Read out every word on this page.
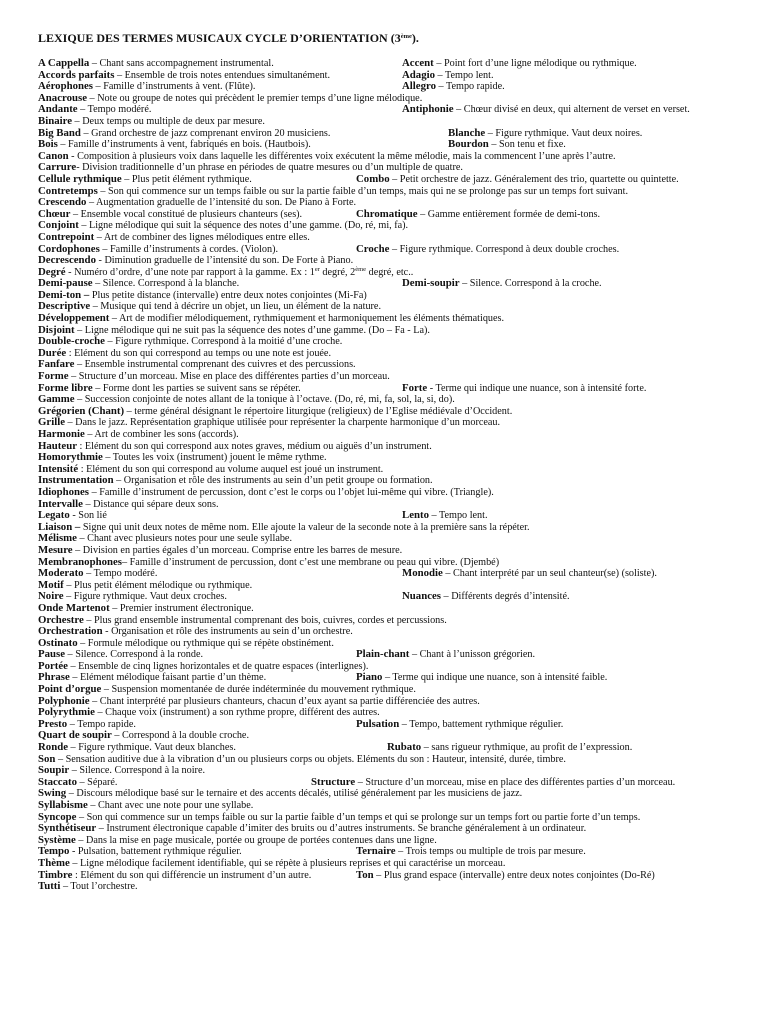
LEXIQUE DES TERMES MUSICAUX CYCLE D’ORIENTATION (3ème).
A Cappella – Chant sans accompagnement instrumental.	Accent – Point fort d’une ligne mélodique ou rythmique.
Accords parfaits – Ensemble de trois notes entendues simultanément.	Adagio – Tempo lent.
Aérophones – Famille d’instruments à vent. (Flûte).	Allegro – Tempo rapide.
Anacrouse – Note ou groupe de notes qui précèdent le premier temps d’une ligne mélodique.
Andante – Tempo modéré.	Antiphonie – Chœur divisé en deux, qui alternent de verset en verset.
Binaire – Deux temps ou multiple de deux par mesure.
Big Band – Grand orchestre de jazz comprenant environ 20 musiciens.	Blanche – Figure rythmique. Vaut deux noires.
Bois – Famille d’instruments à vent, fabriqués en bois. (Hautbois).	Bourdon – Son tenu et fixe.
Canon - Composition à plusieurs voix dans laquelle les différentes voix exécutent la même mélodie, mais la commencent l’une après l’autre.
Carrure- Division traditionnelle d’un phrase en périodes de quatre mesures ou d’un multiple de quatre.
Cellule rythmique – Plus petit élément rythmique.	Combo – Petit orchestre de jazz. Généralement des trio, quartette ou quintette.
Contretemps – Son qui commence sur un temps faible ou sur la partie faible d’un temps, mais qui ne se prolonge pas sur un temps fort suivant.
Crescendo – Augmentation graduelle de l’intensité du son. De Piano à Forte.
Chœur – Ensemble vocal constitué de plusieurs chanteurs (ses).	Chromatique – Gamme entièrement formée de demi-tons.
Conjoint – Ligne mélodique qui suit la séquence des notes d’une gamme. (Do, ré, mi, fa).
Contrepoint – Art de combiner des lignes mélodiques entre elles.
Cordophones – Famille d’instruments à cordes. (Violon).	Croche – Figure rythmique. Correspond à deux double croches.
Decrescendo - Diminution graduelle de l’intensité du son. De Forte à Piano.
Degré - Numéro d’ordre, d’une note par rapport à la gamme. Ex : 1er degré, 2ème degré, etc..
Demi-pause – Silence. Correspond à la blanche.	Demi-soupir – Silence. Correspond à la croche.
Demi-ton – Plus petite distance (intervalle) entre deux notes conjointes (Mi-Fa)
Descriptive – Musique qui tend à décrire un objet, un lieu, un élément de la nature.
Développement – Art de modifier mélodiquement, rythmiquement et harmoniquement les éléments thématiques.
Disjoint – Ligne mélodique qui ne suit pas la séquence des notes d’une gamme. (Do – Fa - La).
Double-croche – Figure rythmique. Correspond à la moitié d’une croche.
Durée : Elément du son qui correspond au temps ou une note est jouée.
Fanfare – Ensemble instrumental comprenant des cuivres et des percussions.
Forme – Structure d’un morceau. Mise en place des différentes parties d’un morceau.
Forme libre – Forme dont les parties se suivent sans se répéter.	Forte - Terme qui indique une nuance, son à intensité forte.
Gamme – Succession conjointe de notes allant de la tonique à l’octave. (Do, ré, mi, fa, sol, la, si, do).
Grégorien (Chant) – terme général désignant le répertoire liturgique (religieux) de l’Eglise médiévale d’Occident.
Grille – Dans le jazz. Représentation graphique utilisée pour représenter la charpente harmonique d’un morceau.
Harmonie – Art de combiner les sons (accords).
Hauteur : Elément du son qui correspond aux notes graves, médium ou aiguës d’un instrument.
Homorythmie – Toutes les voix (instrument) jouent le même rythme.
Intensité : Elément du son qui correspond au volume auquel est joué un instrument.
Instrumentation – Organisation et rôle des instruments au sein d’un petit groupe ou formation.
Idiophones – Famille d’instrument de percussion, dont c’est le corps ou l’objet lui-même qui vibre. (Triangle).
Intervalle – Distance qui sépare deux sons.
Legato - Son lié	Lento – Tempo lent.
Liaison – Signe qui unit deux notes de même nom. Elle ajoute la valeur de la seconde note à la première sans la répéter.
Mélisme – Chant avec plusieurs notes pour une seule syllabe.
Mesure – Division en parties égales d’un morceau. Comprise entre les barres de mesure.
Membranophones– Famille d’instrument de percussion, dont c’est une membrane ou peau qui vibre. (Djembé)
Moderato – Tempo modéré.	Monodie – Chant interprété par un seul chanteur(se) (soliste).
Motif – Plus petit élément mélodique ou rythmique.
Noire – Figure rythmique. Vaut deux croches.	Nuances – Différents degrés d’intensité.
Onde Martenot – Premier instrument électronique.
Orchestre – Plus grand ensemble instrumental comprenant des bois, cuivres, cordes et percussions.
Orchestration - Organisation et rôle des instruments au sein d’un orchestre.
Ostinato – Formule mélodique ou rythmique qui se répète obstinément.
Pause – Silence. Correspond à la ronde.	Plain-chant – Chant à l’unisson grégorien.
Portée – Ensemble de cinq lignes horizontales et de quatre espaces (interlignes).
Phrase – Elément mélodique faisant partie d’un thème.	Piano – Terme qui indique une nuance, son à intensité faible.
Point d’orgue – Suspension momentanée de durée indéterminée du mouvement rythmique.
Polyphonie – Chant interprété par plusieurs chanteurs, chacun d’eux ayant sa partie différenciée des autres.
Polyrythmie – Chaque voix (instrument) a son rythme propre, différent des autres.
Presto – Tempo rapide.	Pulsation – Tempo, battement rythmique régulier.
Quart de soupir – Correspond à la double croche.
Ronde – Figure rythmique. Vaut deux blanches.	Rubato – sans rigueur rythmique, au profit de l’expression.
Son – Sensation auditive due à la vibration d’un ou plusieurs corps ou objets. Eléments du son : Hauteur, intensité, durée, timbre.
Soupir – Silence. Correspond à la noire.
Staccato – Séparé.	Structure – Structure d’un morceau, mise en place des différentes parties d’un morceau.
Swing – Discours mélodique basé sur le ternaire et des accents décalés, utilisé généralement par les musiciens de jazz.
Syllabisme – Chant avec une note pour une syllabe.
Syncope – Son qui commence sur un temps faible ou sur la partie faible d’un temps et qui se prolonge sur un temps fort ou partie forte d’un temps.
Synthétiseur – Instrument électronique capable d’imiter des bruits ou d’autres instruments. Se branche généralement à un ordinateur.
Système – Dans la mise en page musicale, portée ou groupe de portées contenues dans une ligne.
Tempo - Pulsation, battement rythmique régulier.	Ternaire – Trois temps ou multiple de trois par mesure.
Thème – Ligne mélodique facilement identifiable, qui se répète à plusieurs reprises et qui caractérise un morceau.
Timbre : Elément du son qui différencie un instrument d’un autre.	Ton – Plus grand espace (intervalle) entre deux notes conjointes (Do-Ré)
Tutti – Tout l’orchestre.
